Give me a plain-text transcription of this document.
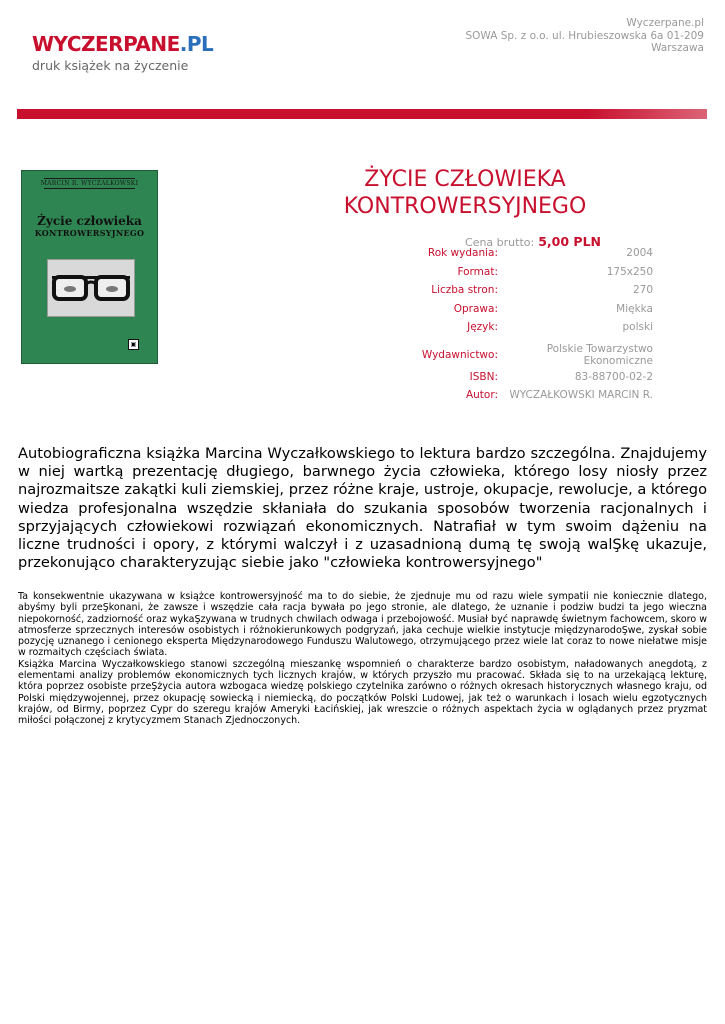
WYCZERPANE.PL
druk książek na życzenie
Wyczerpane.pl
SOWA Sp. z o.o. ul. Hrubieszowska 6a 01-209
Warszawa
MARCIN R. WYCZAŁKOWSKI
Życie człowieka
KONTROWERSYJNEGO
▣
ŻYCIE CZŁOWIEKA
KONTROWERSYJNEGO
Cena brutto: 5,00 PLN
Rok wydania:	2004
Format:	175x250
Liczba stron:	270
Oprawa:	Miękka
Język:	polski
Wydawnictwo:
Polskie Towarzystwo Ekonomiczne
ISBN:	83-88700-02-2
Autor:	WYCZAŁKOWSKI MARCIN R.
Autobiograficzna książka Marcina Wyczałkowskiego to lektura bardzo szczególna. Znajdujemy w niej wartką prezentację długiego, barwnego życia człowieka, którego losy niosły przez najrozmaitsze zakątki kuli ziemskiej, przez różne kraje, ustroje, okupacje, rewolucje, a którego wiedza profesjonalna wszędzie skłaniała do szukania sposobów tworzenia racjonalnych i sprzyjających człowiekowi rozwiązań ekonomicznych. Natrafiał w tym swoim dążeniu na liczne trudności i opory, z którymi walczył i z uzasadnioną dumą tę swoją walŞkę ukazuje, przekonująco charakteryzując siebie jako "człowieka kontrowersyjnego"

Ta konsekwentnie ukazywana w książce kontrowersyjność ma to do siebie, że zjednuje mu od razu wiele sympatii nie koniecznie dlatego, abyśmy byli przeŞkonani, że zawsze i wszędzie cała racja bywała po jego stronie, ale dlatego, że uznanie i podziw budzi ta jego wieczna niepokorność, zadziorność oraz wykaŞzywana w trudnych chwilach odwaga i przebojowość. Musiał być naprawdę świetnym fachowcem, skoro w atmosferze sprzecznych interesów osobistych i różnokierunkowych podgryzań, jaka cechuje wielkie instytucje międzynarodoŞwe, zyskał sobie pozycję uznanego i cenionego eksperta Międzynarodowego Funduszu Walutowego, otrzymującego przez wiele lat coraz to nowe niełatwe misje w rozmaitych częściach świata.

Książka Marcina Wyczałkowskiego stanowi szczególną mieszankę wspomnień o charakterze bardzo osobistym, naładowanych anegdotą, z elementami analizy problemów ekonomicznych tych licznych krajów, w których przyszło mu pracować. Składa się to na urzekającą lekturę, która poprzez osobiste przeŞżycia autora wzbogaca wiedzę polskiego czytelnika zarówno o różnych okresach historycznych własnego kraju, od Polski międzywojennej, przez okupację sowiecką i niemiecką, do początków Polski Ludowej, jak też o warunkach i losach wielu egzotycznych krajów, od Birmy, poprzez Cypr do szeregu krajów Ameryki Łacińskiej, jak wreszcie o różnych aspektach życia w oglądanych przez pryzmat miłości połączonej z krytycyzmem Stanach Zjednoczonych.
